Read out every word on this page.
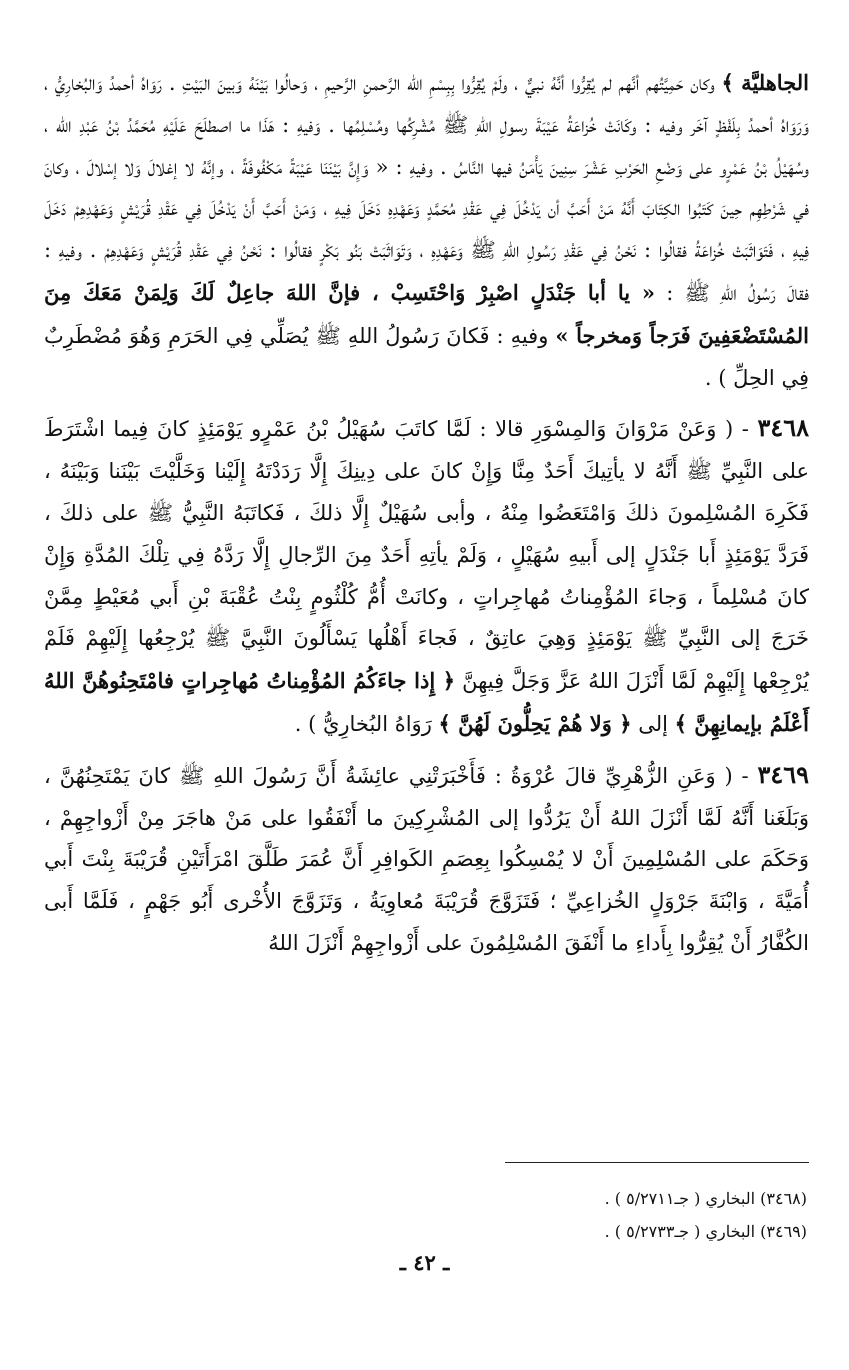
الجاهليَّة ﴾ وكان حَمِيَّتُهم أنَّهم لم يُقِرُّوا أنَّهُ نبيٌّ ، ولَمْ يُقِرُّوا بِبِسْمِ الله الرَّحمنِ الرَّحيمِ ، وَحالُوا بَيْنَهُ وَبينَ البَيْتِ . رَوَاهُ أحمدُ وَالبُخارِيُّ ، وَرَوَاهُ أحمدُ بِلَفْظٍ آخَر وفيه : وكَانَتْ خُزاعَةُ عَيْبَةَ رسولِ اللهِ ﷺ مُشْرِكُها ومُسْلِمُها . وَفيهِ : هَذَا ما اصطلَحَ عَلَيْهِ مُحَمَّدُ بْنُ عَبْدِ الله ، وسُهَيْلُ بْنُ عَمْرٍو على وَضْعِ الحَرْبِ عَشْرَ سِنِينَ يَأْمَنُ فيها النَّاسُ . وفيهِ : « وَإِنَّ بَيْنَنَا عَيْبَةً مَكْفُوفَةً ، وإنَّهُ لا إغلالَ وَلا إسْلالَ ، وكانَ في شَرْطِهِم حِينَ كَتَبُوا الكِتَابَ أَنَّهُ مَنْ أَحَبَّ أن يَدْخُلَ فِي عَقْدِ مُحَمَّدٍ وَعَهْدِهِ دَخَلَ فِيهِ ، وَمَنْ أَحَبَّ أَنْ يَدْخُلَ فِي عَقْدِ قُرَيْشٍ وَعَهْدِهِمْ دَخَلَ فِيهِ ، فَتَوَاثَبَتْ خُزاعَةُ فقالُوا : نَحْنُ فِي عَقْدِ رَسُولِ اللهِ ﷺ وَعَهْدِهِ ، وَتَوَاثَبَتْ بَنُو بَكْرٍ فقالُوا : نَحْنُ فِي عَقْدِ قُرَيْشٍ وَعَهْدِهِمْ . وفيهِ : فقالَ رَسُولُ اللهِ ﷺ : « يا أبا جَنْدَلٍ اصْبِرْ وَاحْتَسِبْ ، فإنَّ اللهَ جاعِلٌ لَكَ وَلِمَنْ مَعَكَ مِنَ المُسْتَضْعَفِينَ فَرَجاً وَمخرجاً » وفيهِ : فَكانَ رَسُولُ اللهِ ﷺ يُصَلِّي فِي الحَرَمِ وَهُوَ مُضْطَرِبٌ فِي الحِلِّ ) .

٣٤٦٨ - ( وَعَنْ مَرْوَانَ وَالمِسْوَرِ قالا : لَمَّا كاتَبَ سُهَيْلُ بْنُ عَمْرٍو يَوْمَئِذٍ كانَ فِيما اشْتَرَطَ على النَّبِيِّ ﷺ أَنَّهُ لا يأتِيكَ أَحَدٌ مِنَّا وَإِنْ كانَ على دِينِكَ إِلَّا رَدَدْتَهُ إِلَيْنا وَخَلَّيْتَ بَيْنَنا وَبَيْنَهُ ، فَكَرِهَ المُسْلِمونَ ذلكَ وَامْتَعَضُوا مِنْهُ ، وأبى سُهَيْلٌ إِلَّا ذلكَ ، فَكاتَبَهُ النَّبِيُّ ﷺ على ذلكَ ، فَرَدَّ يَوْمَئِذٍ أَبا جَنْدَلٍ إلى أَبيهِ سُهَيْلٍ ، وَلَمْ يأتِهِ أَحَدٌ مِنَ الرِّجالِ إِلَّا رَدَّهُ فِي تِلْكَ المُدَّةِ وَإِنْ كانَ مُسْلِماً ، وَجاءَ المُؤْمِناتُ مُهاجِراتٍ ، وكانَتْ أُمُّ كُلْثُومٍ بِنْتُ عُقْبَةَ بْنِ أَبي مُعَيْطٍ مِمَّنْ خَرَجَ إلى النَّبِيِّ ﷺ يَوْمَئِذٍ وَهِيَ عاتِقٌ ، فَجاءَ أَهْلُها يَسْأَلُونَ النَّبِيَّ ﷺ يُرْجِعُها إِلَيْهِمْ فَلَمْ يُرْجِعْها إِلَيْهِمْ لَمَّا أَنْزَلَ اللهُ عَزَّ وَجَلَّ فِيهِنَّ ﴿ إِذا جاءَكُمُ المُؤْمِناتُ مُهاجِراتٍ فامْتَحِنُوهُنَّ اللهُ أَعْلَمُ بإيمانِهِنَّ ﴾ إلى ﴿ وَلا هُمْ يَحِلُّونَ لَهُنَّ ﴾ رَوَاهُ البُخارِيُّ ) .

٣٤٦٩ - ( وَعَنِ الزُّهْرِيِّ قالَ عُرْوَةُ : فَأَخْبَرَتْنِي عائِشَةُ أَنَّ رَسُولَ اللهِ ﷺ كانَ يَمْتَحِنُهُنَّ ، وَبَلَغَنا أَنَّهُ لَمَّا أَنْزَلَ اللهُ أَنْ يَرُدُّوا إلى المُشْرِكِينَ ما أَنْفَقُوا على مَنْ هاجَرَ مِنْ أَزْواجِهِمْ ، وَحَكَمَ على المُسْلِمِينَ أَنْ لا يُمْسِكُوا بِعِصَمِ الكَوافِرِ أَنَّ عُمَرَ طَلَّقَ امْرَأَتَيْنِ قُرَيْبَةَ بِنْتَ أَبي أُمَيَّةَ ، وَابْنَةَ جَرْوَلٍ الخُزاعِيِّ ؛ فَتَزَوَّجَ قُرَيْبَةَ مُعاوِيَةُ ، وَتَزَوَّجَ الأُخْرى أَبُو جَهْمٍ ، فَلَمَّا أَبى الكُفَّارُ أَنْ يُقِرُّوا بِأَداءِ ما أَنْفَقَ المُسْلِمُونَ على أَزْواجِهِمْ أَنْزَلَ اللهُ

(٣٤٦٨) البخاري ( جـ٥/٢٧١١ ) .

(٣٤٦٩) البخاري ( جـ٥/٢٧٣٣ ) .

ـ ٤٢ ـ
